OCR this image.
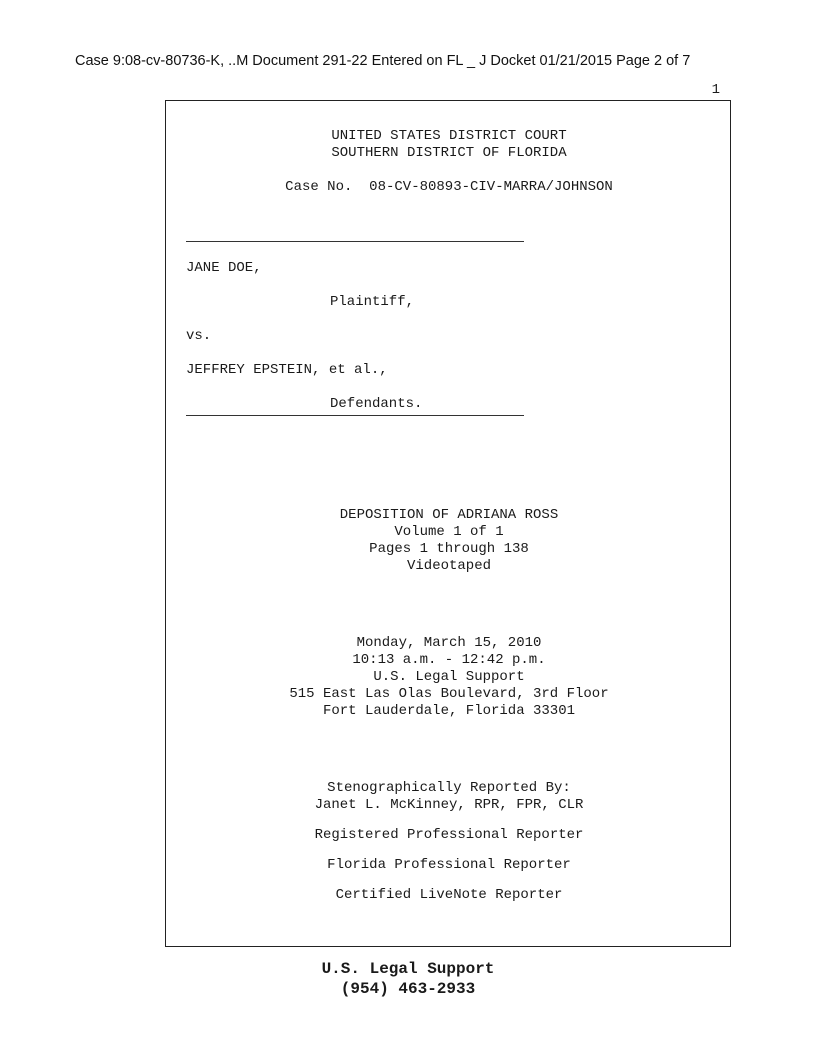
Case 9:08-cv-80736-K, ..M Document 291-22 Entered on FL _ J Docket 01/21/2015 Page 2 of 7
1
UNITED STATES DISTRICT COURT
SOUTHERN DISTRICT OF FLORIDA
Case No.  08-CV-80893-CIV-MARRA/JOHNSON
JANE DOE,
Plaintiff,
vs.
JEFFREY EPSTEIN, et al.,
Defendants.
DEPOSITION OF ADRIANA ROSS
Volume 1 of 1
Pages 1 through 138
Videotaped
Monday, March 15, 2010
10:13 a.m. - 12:42 p.m.
U.S. Legal Support
515 East Las Olas Boulevard, 3rd Floor
Fort Lauderdale, Florida 33301
Stenographically Reported By:
Janet L. McKinney, RPR, FPR, CLR
Registered Professional Reporter
Florida Professional Reporter
Certified LiveNote Reporter
U.S. Legal Support
(954) 463-2933
